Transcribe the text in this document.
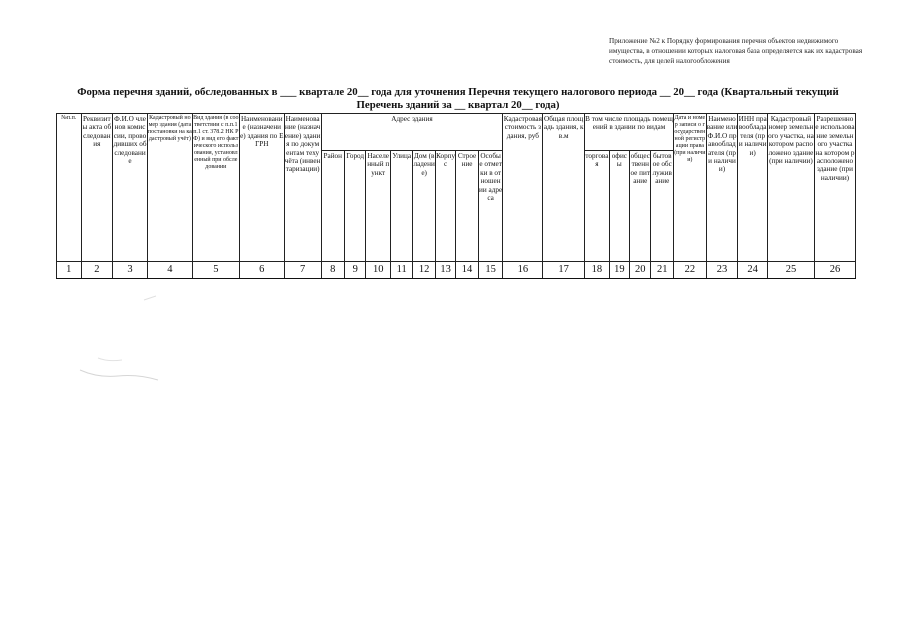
Приложение №2 к Порядку формирования перечня объектов недвижимого имущества, в отношении которых налоговая база определяется как их кадастровая стоимость, для целей налогообложения
Форма перечня зданий, обследованных в ___ квартале 20__ года для уточнения Перечня текущего налогового периода __ 20__ года (Квартальный текущий
Перечень зданий за __ квартал 20__ года)
№п.п.	Реквизиты акта обследования	Ф.И.О членов комиссии, проводивших обследование	Кадастровый номер здания (дата постановки на кадастровый учёт)	Вид здания (в соответствии с п.п.1 п.1 ст. 378.2 НК РФ) и вид его фактического использования, установленный при обследовании	Наименование (назначение) здания по ЕГРН	Наименование (назначение) здания по документам техучёта (инвентаризации)	Адрес здания								Кадастровая стоимость здания, руб	Общая площадь здания, кв.м	В том числе площадь помещений в здании по видам				Дата и номер записи о государственной регистрации права (при наличии)	Наименование или Ф.И.О правообладателя (при наличии)	ИНН правообладателя (при наличии)	Кадастровый номер земельного участка, на котором расположено здание (при наличии)	Разрешенное использование земельного участка на котором расположено здание (при наличии)
							Район	Город	Населенный пункт	Улица	Дом (владение)	Корпус	Строение	Особые отметки в отношении адреса			торговая	офисы	общественное питание	бытовое обслуживание					
1	2	3	4	5	6	7	8	9	10	11	12	13	14	15	16	17	18	19	20	21	22	23	24	25	26
